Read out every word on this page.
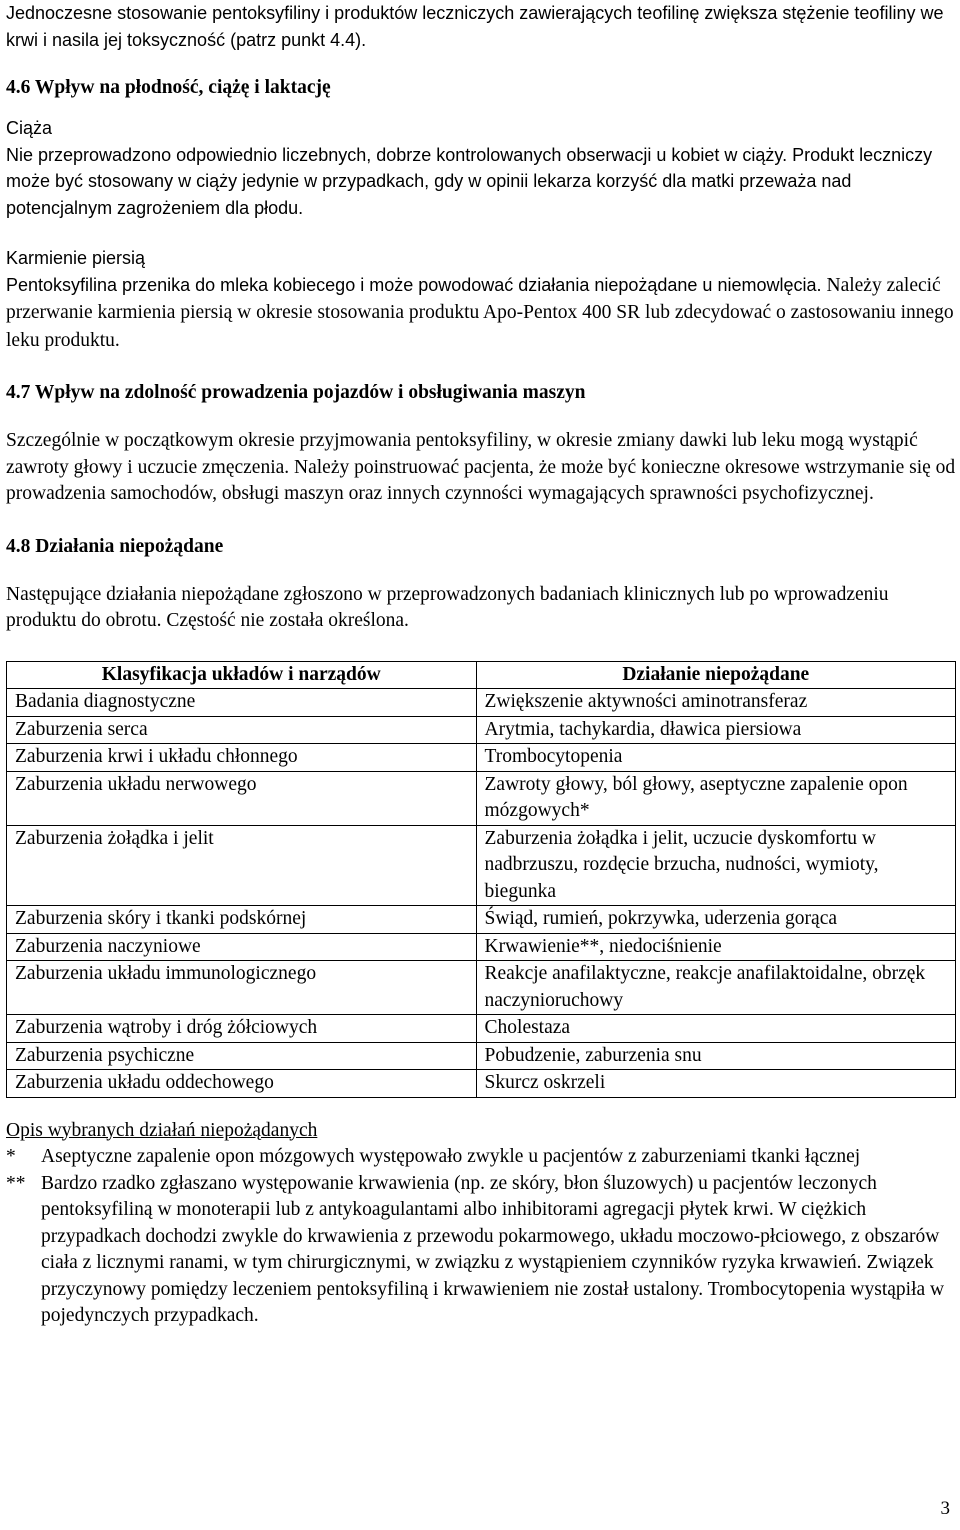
Jednoczesne stosowanie pentoksyfiliny i produktów leczniczych zawierających teofilinę zwiększa stężenie teofiliny we krwi i nasila jej toksyczność (patrz punkt 4.4).

4.6 Wpływ na płodność, ciążę i laktację

Ciąża

Nie przeprowadzono odpowiednio liczebnych, dobrze kontrolowanych obserwacji u kobiet w ciąży. Produkt leczniczy może być stosowany w ciąży jedynie w przypadkach, gdy w opinii lekarza korzyść dla matki przeważa nad potencjalnym zagrożeniem dla płodu.

Karmienie piersią

Pentoksyfilina przenika do mleka kobiecego i może powodować działania niepożądane u niemowlęcia. Należy zalecić przerwanie karmienia piersią w okresie stosowania produktu Apo-Pentox 400 SR lub zdecydować o zastosowaniu innego leku produktu.

4.7 Wpływ na zdolność prowadzenia pojazdów i obsługiwania maszyn

Szczególnie w początkowym okresie przyjmowania pentoksyfiliny, w okresie zmiany dawki lub leku mogą wystąpić zawroty głowy i uczucie zmęczenia. Należy poinstruować pacjenta, że może być konieczne okresowe wstrzymanie się od prowadzenia samochodów, obsługi maszyn oraz innych czynności wymagających sprawności psychofizycznej.

4.8 Działania niepożądane

Następujące działania niepożądane zgłoszono w przeprowadzonych badaniach klinicznych lub po wprowadzeniu produktu do obrotu. Częstość nie została określona.

Klasyfikacja układów i narządów	Działanie niepożądane
Badania diagnostyczne	Zwiększenie aktywności aminotransferaz
Zaburzenia serca	Arytmia, tachykardia, dławica piersiowa
Zaburzenia krwi i układu chłonnego	Trombocytopenia
Zaburzenia układu nerwowego	Zawroty głowy, ból głowy, aseptyczne zapalenie opon mózgowych*
Zaburzenia żołądka i jelit	Zaburzenia żołądka i jelit, uczucie dyskomfortu w nadbrzuszu, rozdęcie brzucha, nudności, wymioty, biegunka
Zaburzenia skóry i tkanki podskórnej	Świąd, rumień, pokrzywka, uderzenia gorąca
Zaburzenia naczyniowe	Krwawienie**, niedociśnienie
Zaburzenia układu immunologicznego	Reakcje anafilaktyczne, reakcje anafilaktoidalne, obrzęk naczynioruchowy
Zaburzenia wątroby i dróg żółciowych	Cholestaza
Zaburzenia psychiczne	Pobudzenie, zaburzenia snu
Zaburzenia układu oddechowego	Skurcz oskrzeli

Opis wybranych działań niepożądanych

*	Aseptyczne zapalenie opon mózgowych występowało zwykle u pacjentów z zaburzeniami tkanki łącznej

** Bardzo rzadko zgłaszano występowanie krwawienia (np. ze skóry, błon śluzowych) u pacjentów leczonych pentoksyfiliną w monoterapii lub z antykoagulantami albo inhibitorami agregacji płytek krwi. W ciężkich przypadkach dochodzi zwykle do krwawienia z przewodu pokarmowego, układu moczowo-płciowego, z obszarów ciała z licznymi ranami, w tym chirurgicznymi, w związku z wystąpieniem czynników ryzyka krwawień. Związek przyczynowy pomiędzy leczeniem pentoksyfiliną i krwawieniem nie został ustalony. Trombocytopenia wystąpiła w pojedynczych przypadkach.

3
